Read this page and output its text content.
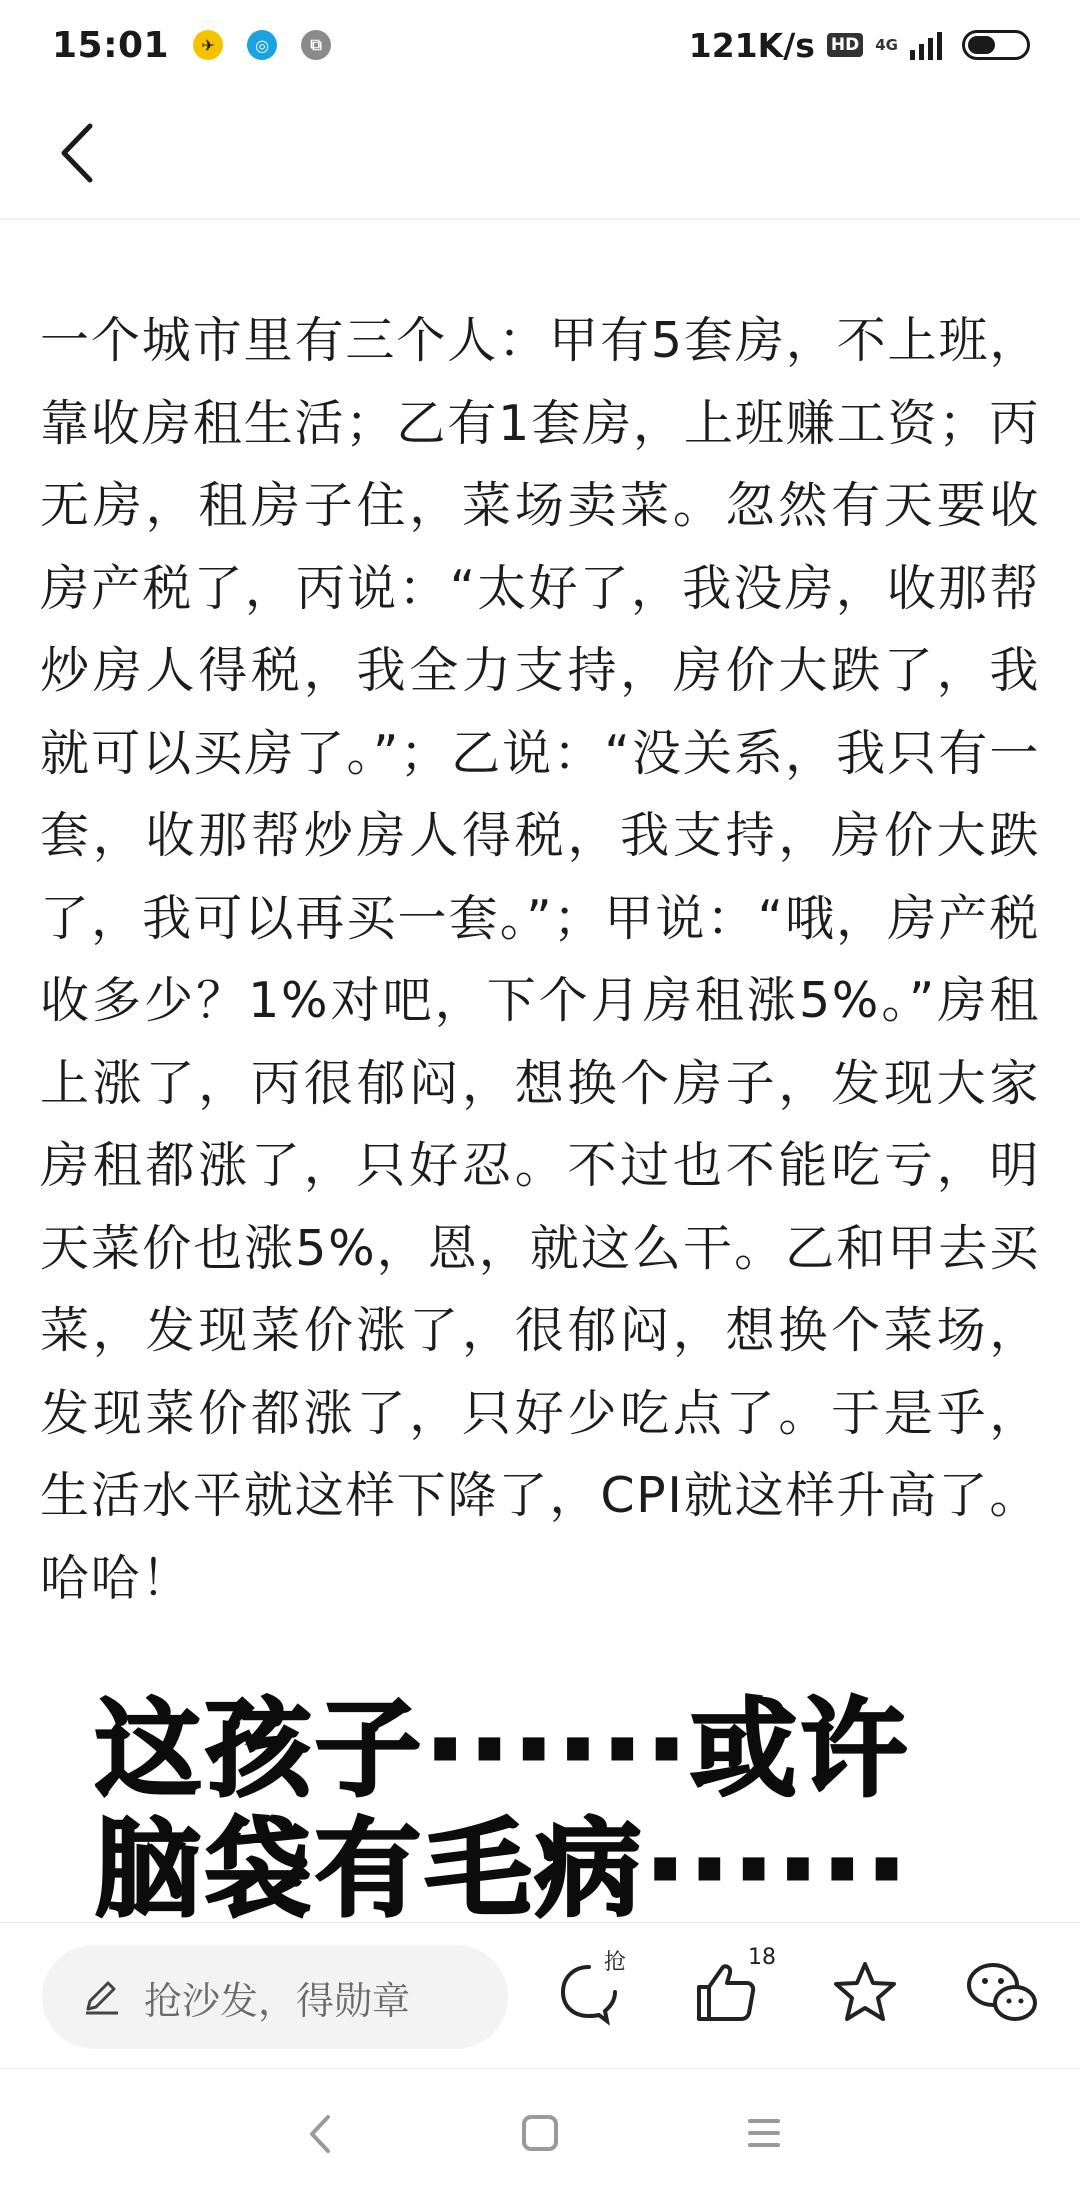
15:01	✈	◎	⧉	121K/s HD 4G
一个城市里有三个人：甲有5套房，不上班，靠收房租生活；乙有1套房，上班赚工资；丙无房，租房子住，菜场卖菜。忽然有天要收房产税了，丙说：“太好了，我没房，收那帮炒房人得税，我全力支持，房价大跌了，我就可以买房了。”；乙说：“没关系，我只有一套，收那帮炒房人得税，我支持，房价大跌了，我可以再买一套。”；甲说：“哦，房产税收多少？1%对吧，下个月房租涨5%。”房租上涨了，丙很郁闷，想换个房子，发现大家房租都涨了，只好忍。不过也不能吃亏，明天菜价也涨5%，恩，就这么干。乙和甲去买菜，发现菜价涨了，很郁闷，想换个菜场，发现菜价都涨了，只好少吃点了。于是乎，生活水平就这样下降了，CPI就这样升高了。哈哈！
这孩子······或许
脑袋有毛病······
抢沙发，得勋章
抢	18
